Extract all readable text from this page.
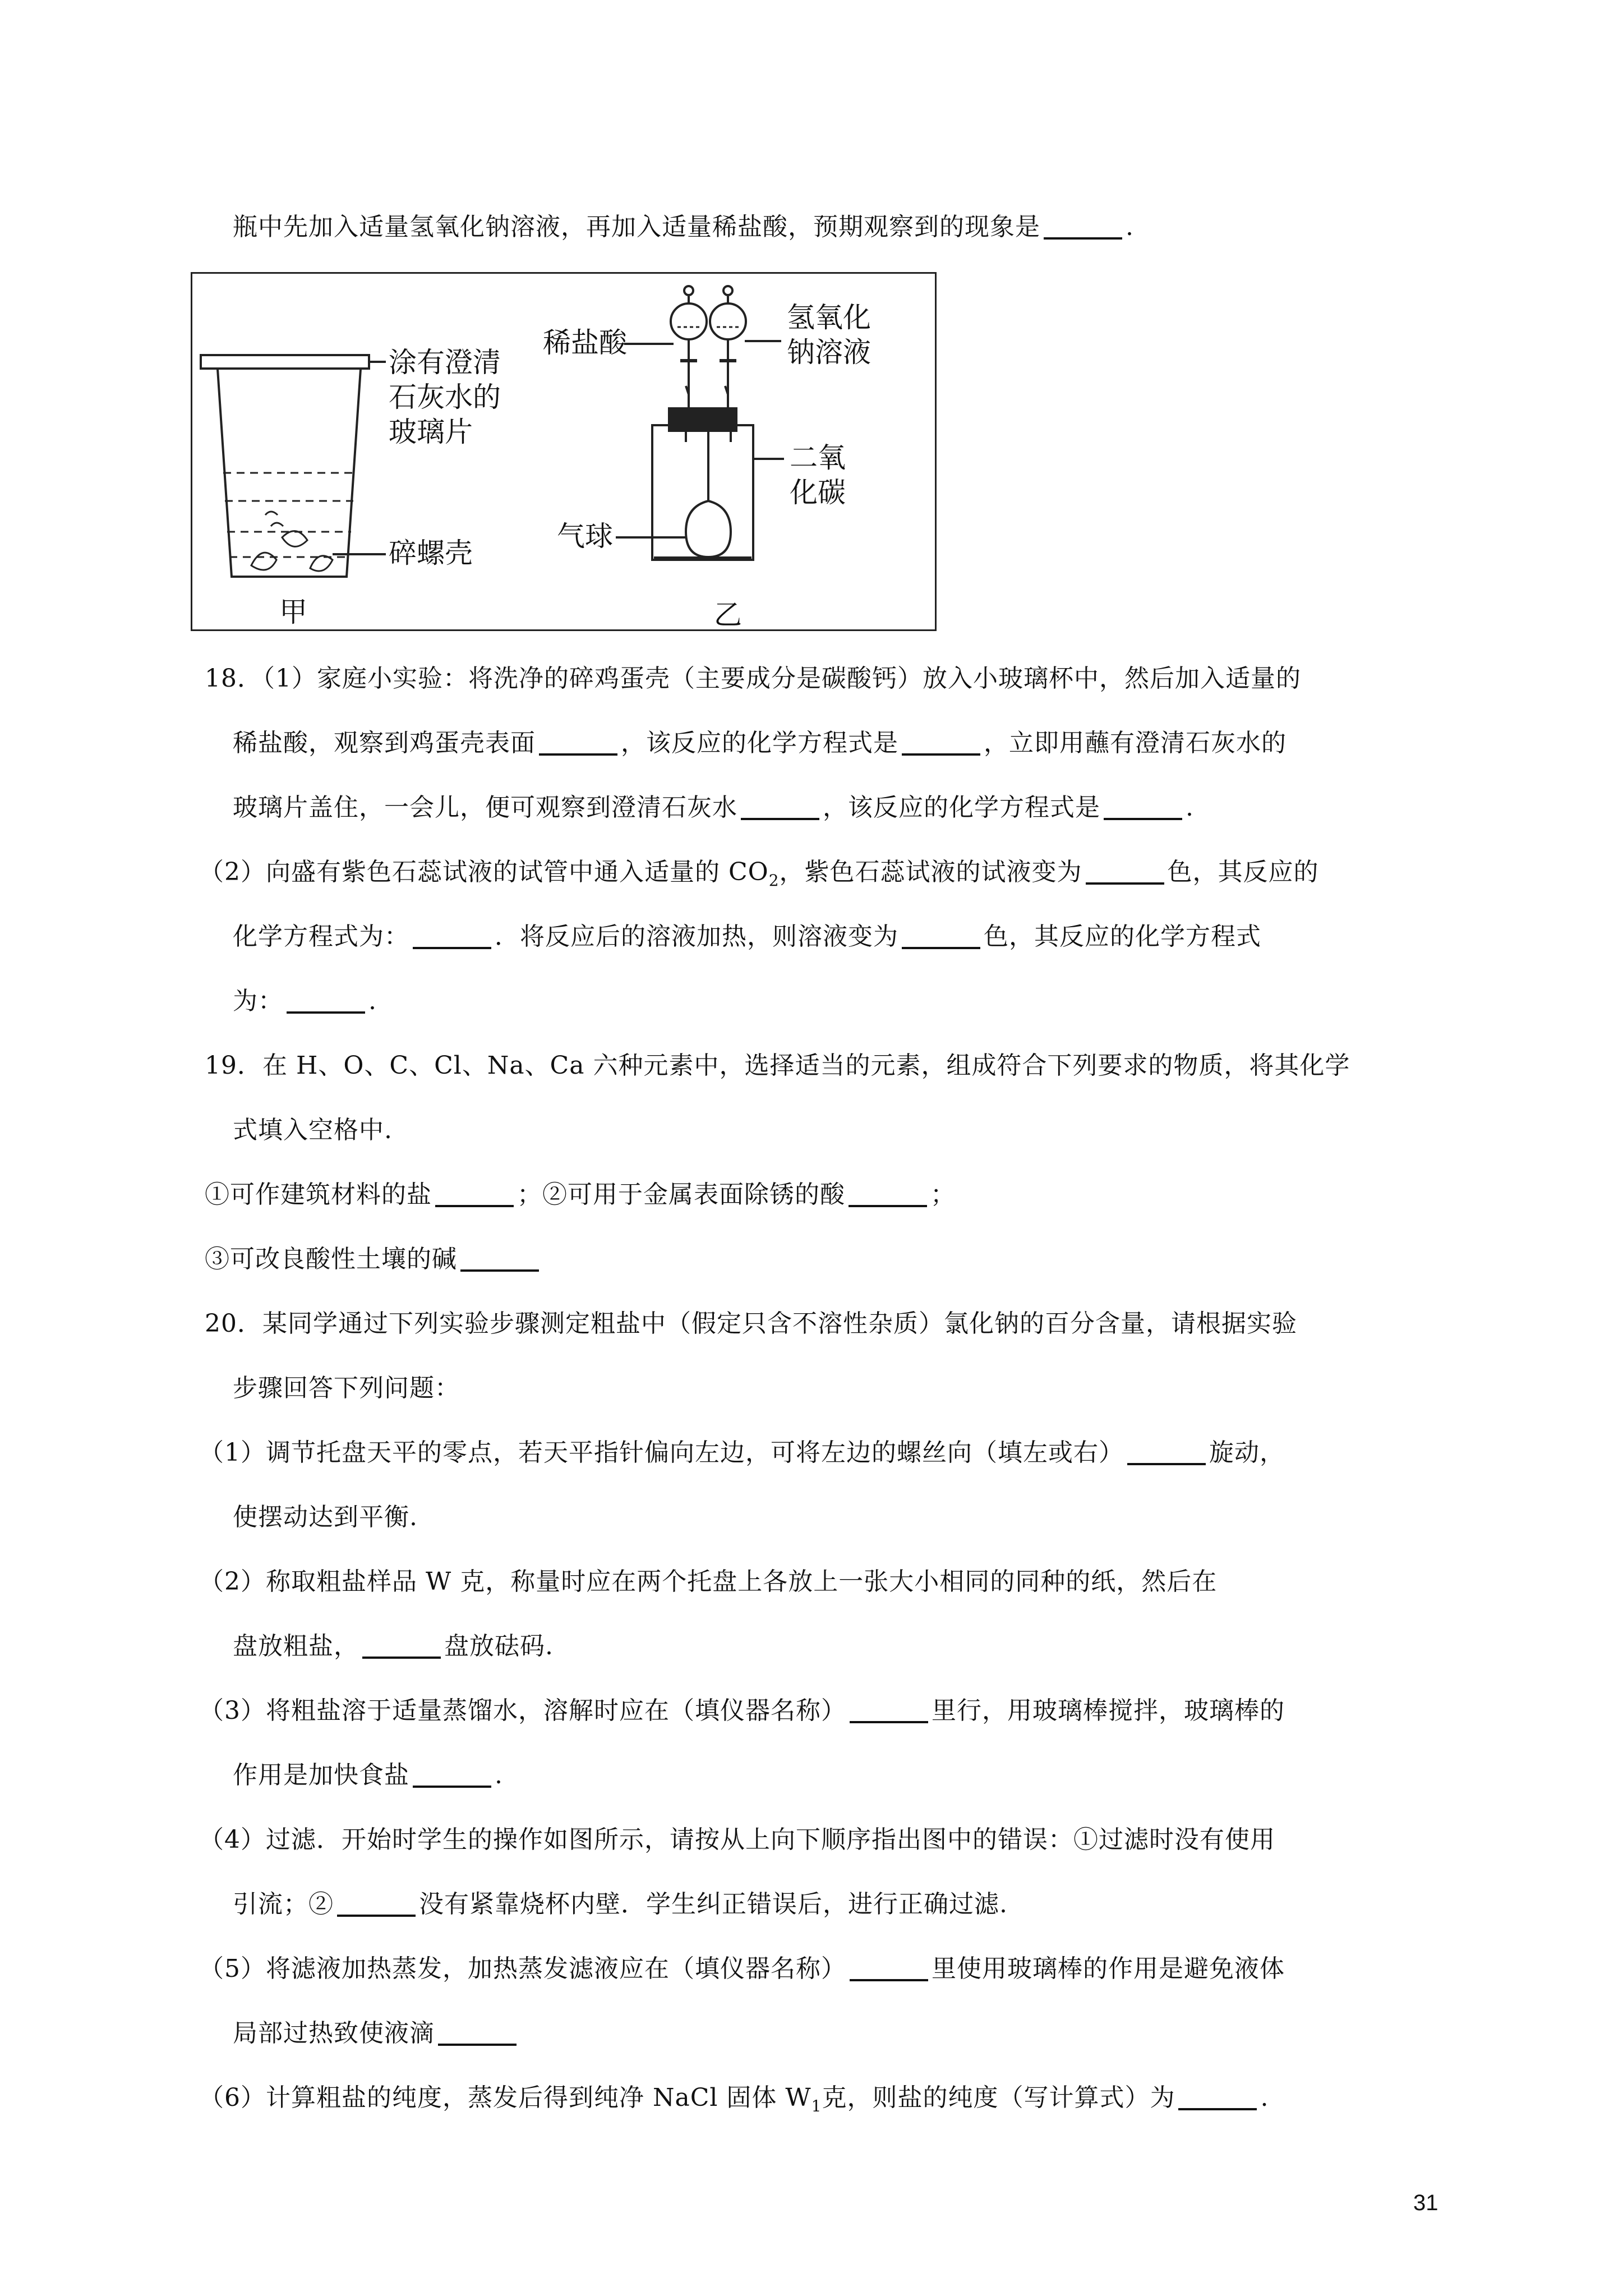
瓶中先加入适量氢氧化钠溶液，再加入适量稀盐酸，预期观察到的现象是	.
涂有澄清
石灰水的
玻璃片
碎螺壳
甲
稀盐酸
氢氧化
钠溶液
二氧
化碳
气球
乙
18．（1）家庭小实验：将洗净的碎鸡蛋壳（主要成分是碳酸钙）放入小玻璃杯中，然后加入适量的
稀盐酸，观察到鸡蛋壳表面	，该反应的化学方程式是	，立即用蘸有澄清石灰水的
玻璃片盖住，一会儿，便可观察到澄清石灰水	，该反应的化学方程式是	.
（2）向盛有紫色石蕊试液的试管中通入适量的 $CO_2$，紫色石蕊试液的试液变为	色，其反应的
化学方程式为：	．将反应后的溶液加热，则溶液变为	色，其反应的化学方程式
为：	.
19．在 H、O、C、Cl、Na、Ca 六种元素中，选择适当的元素，组成符合下列要求的物质，将其化学
式填入空格中.
①可作建筑材料的盐	；②可用于金属表面除锈的酸	；
③可改良酸性土壤的碱
20．某同学通过下列实验步骤测定粗盐中（假定只含不溶性杂质）氯化钠的百分含量，请根据实验
步骤回答下列问题：
（1）调节托盘天平的零点，若天平指针偏向左边，可将左边的螺丝向（填左或右）	旋动，
使摆动达到平衡.
（2）称取粗盐样品 W 克，称量时应在两个托盘上各放上一张大小相同的同种的纸，然后在
盘放粗盐，	盘放砝码.
（3）将粗盐溶于适量蒸馏水，溶解时应在（填仪器名称）	里行，用玻璃棒搅拌，玻璃棒的
作用是加快食盐	.
（4）过滤．开始时学生的操作如图所示，请按从上向下顺序指出图中的错误：①过滤时没有使用
引流；②	没有紧靠烧杯内壁．学生纠正错误后，进行正确过滤.
（5）将滤液加热蒸发，加热蒸发滤液应在（填仪器名称）	里使用玻璃棒的作用是避免液体
局部过热致使液滴
（6）计算粗盐的纯度，蒸发后得到纯净 NaCl 固体 $W_1$克，则盐的纯度（写计算式）为	.
31
